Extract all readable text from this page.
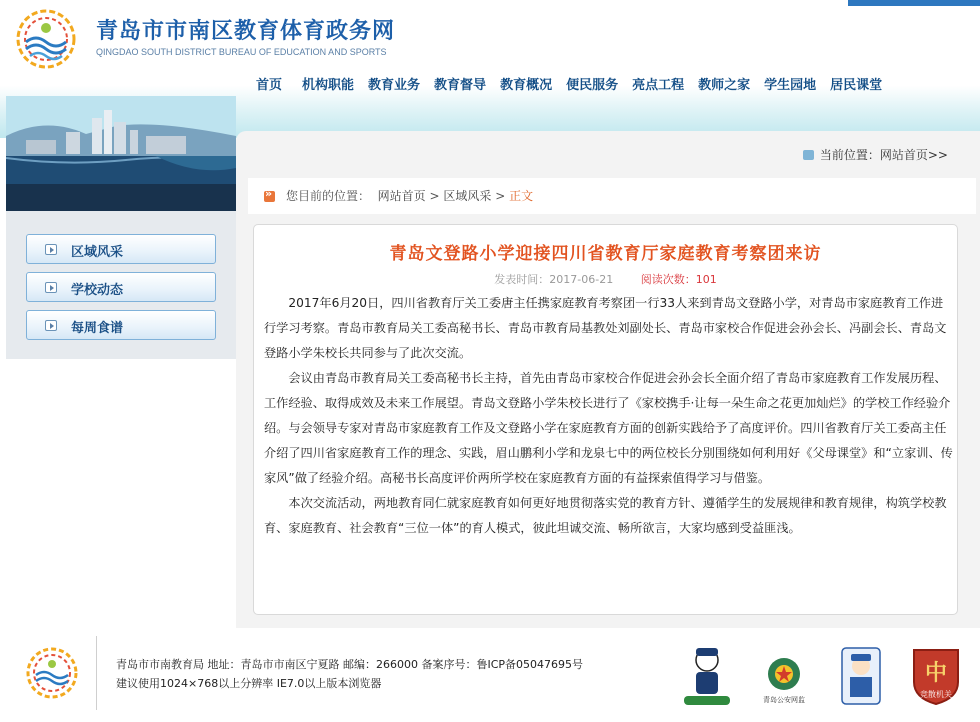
青岛市市南区教育体育政务网
QINGDAO SOUTH DISTRICT BUREAU OF EDUCATION AND SPORTS
首页 机构职能 教育业务 教育督导 教育概况 便民服务 亮点工程 教师之家 学生园地 居民课堂
区域风采
学校动态
每周食谱
当前位置： 网站首页>>
»
您目前的位置： 网站首页 > 区域风采 > 正文
青岛文登路小学迎接四川省教育厅家庭教育考察团来访
发表时间：2017-06-21	阅读次数：101

2017年6月20日，四川省教育厅关工委唐主任携家庭教育考察团一行33人来到青岛文登路小学，对青岛市家庭教育工作进行学习考察。青岛市教育局关工委高秘书长、青岛市教育局基教处刘副处长、青岛市家校合作促进会孙会长、冯副会长、青岛文登路小学朱校长共同参与了此次交流。

会议由青岛市教育局关工委高秘书长主持，首先由青岛市家校合作促进会孙会长全面介绍了青岛市家庭教育工作发展历程、工作经验、取得成效及未来工作展望。青岛文登路小学朱校长进行了《家校携手·让每一朵生命之花更加灿烂》的学校工作经验介绍。与会领导专家对青岛市家庭教育工作及文登路小学在家庭教育方面的创新实践给予了高度评价。四川省教育厅关工委高主任介绍了四川省家庭教育工作的理念、实践，眉山鹏利小学和龙泉七中的两位校长分别围绕如何利用好《父母课堂》和“立家训、传家风”做了经验介绍。高秘书长高度评价两所学校在家庭教育方面的有益探索值得学习与借鉴。

本次交流活动，两地教育同仁就家庭教育如何更好地贯彻落实党的教育方针、遵循学生的发展规律和教育规律，构筑学校教育、家庭教育、社会教育“三位一体”的育人模式，彼此坦诚交流、畅所欲言，大家均感到受益匪浅。

青岛市市南教育局 地址：青岛市市南区宁夏路 邮编：266000 备案序号：鲁ICP备05047695号
建议使用1024×768以上分辨率 IE7.0以上版本浏览器
青岛公安网监
中
竞散机关
